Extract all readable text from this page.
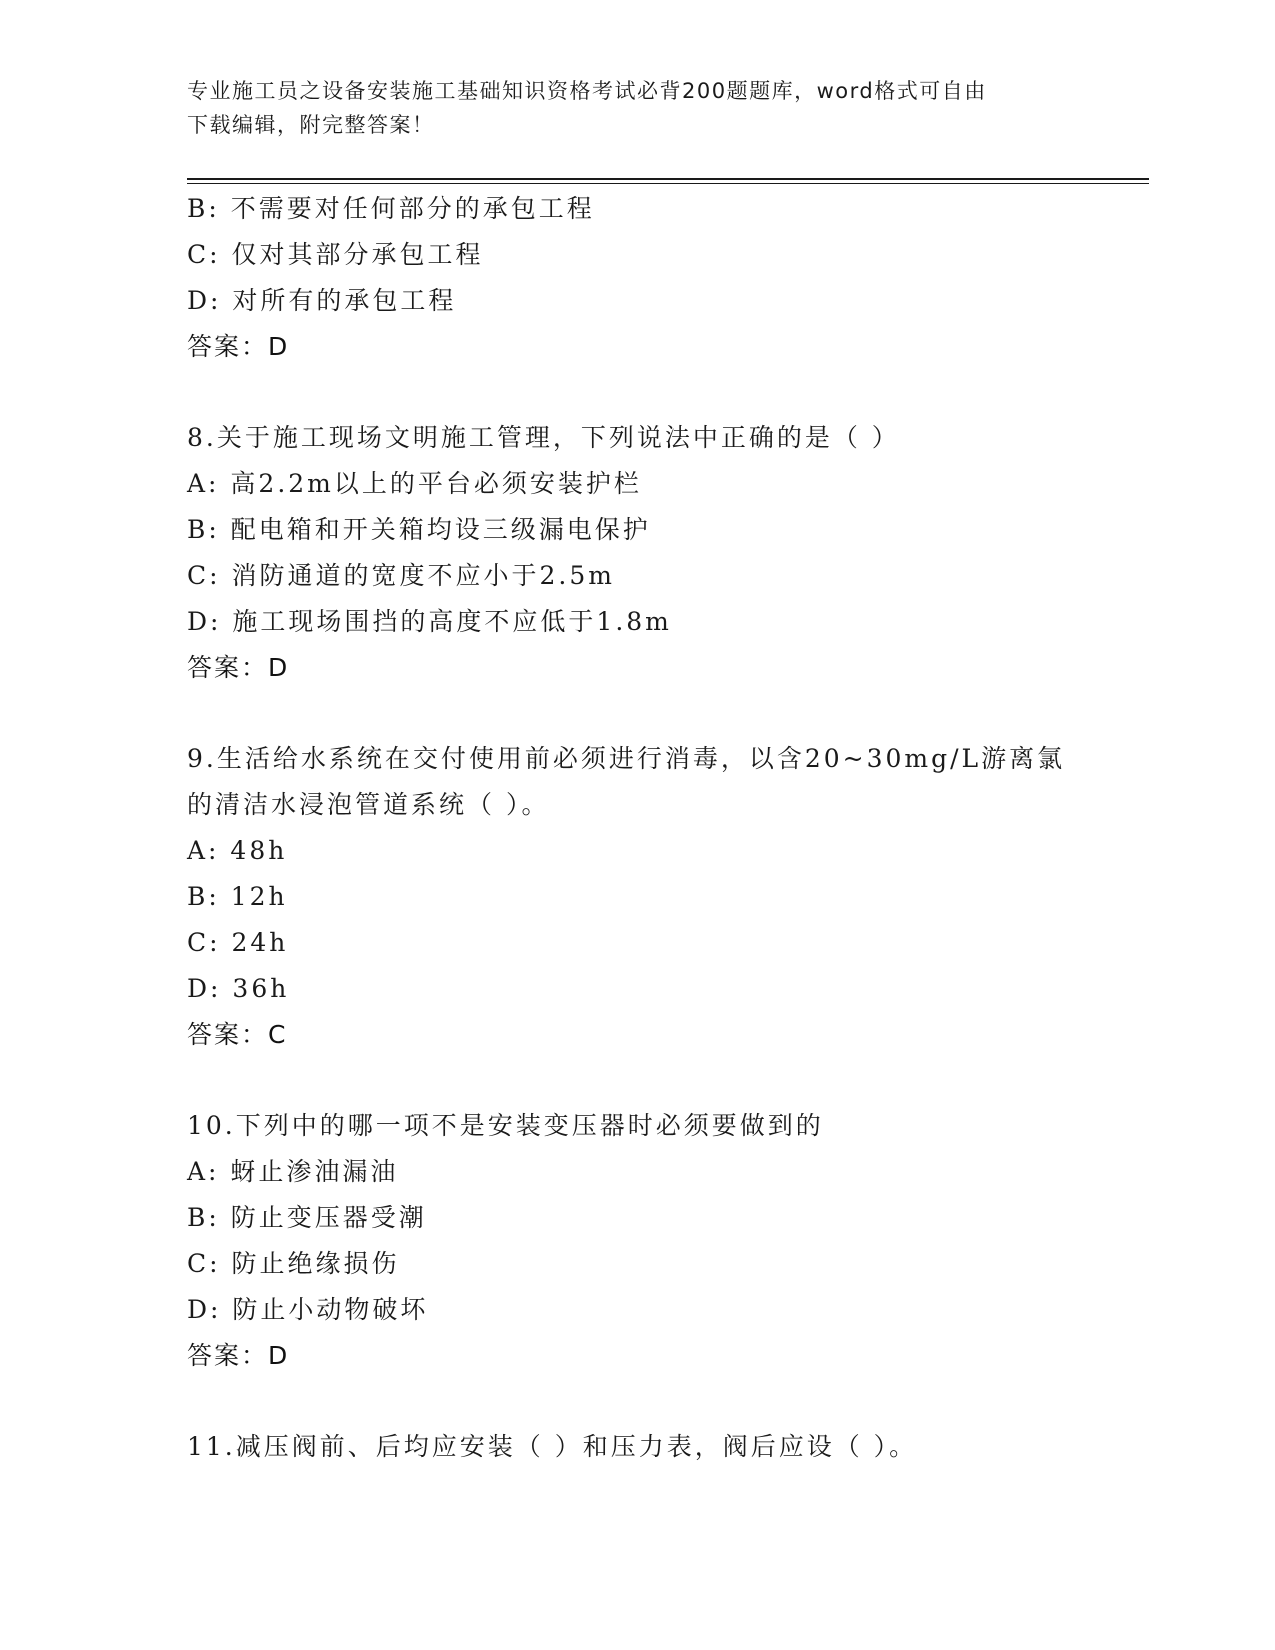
专业施工员之设备安装施工基础知识资格考试必背200题题库，word格式可自由
下载编辑，附完整答案！
B: 不需要对任何部分的承包工程
C: 仅对其部分承包工程
D: 对所有的承包工程
答案：D
8.关于施工现场文明施工管理，下列说法中正确的是（ ）
A: 高2.2m以上的平台必须安装护栏
B: 配电箱和开关箱均设三级漏电保护
C: 消防通道的宽度不应小于2.5m
D: 施工现场围挡的高度不应低于1.8m
答案：D
9.生活给水系统在交付使用前必须进行消毒，以含20~30mg/L游离氯
的清洁水浸泡管道系统（ ）。
A: 48h
B: 12h
C: 24h
D: 36h
答案：C
10.下列中的哪一项不是安装变压器时必须要做到的
A: 蚜止渗油漏油
B: 防止变压器受潮
C: 防止绝缘损伤
D: 防止小动物破坏
答案：D
11.减压阀前、后均应安装（ ）和压力表，阀后应设（ ）。
